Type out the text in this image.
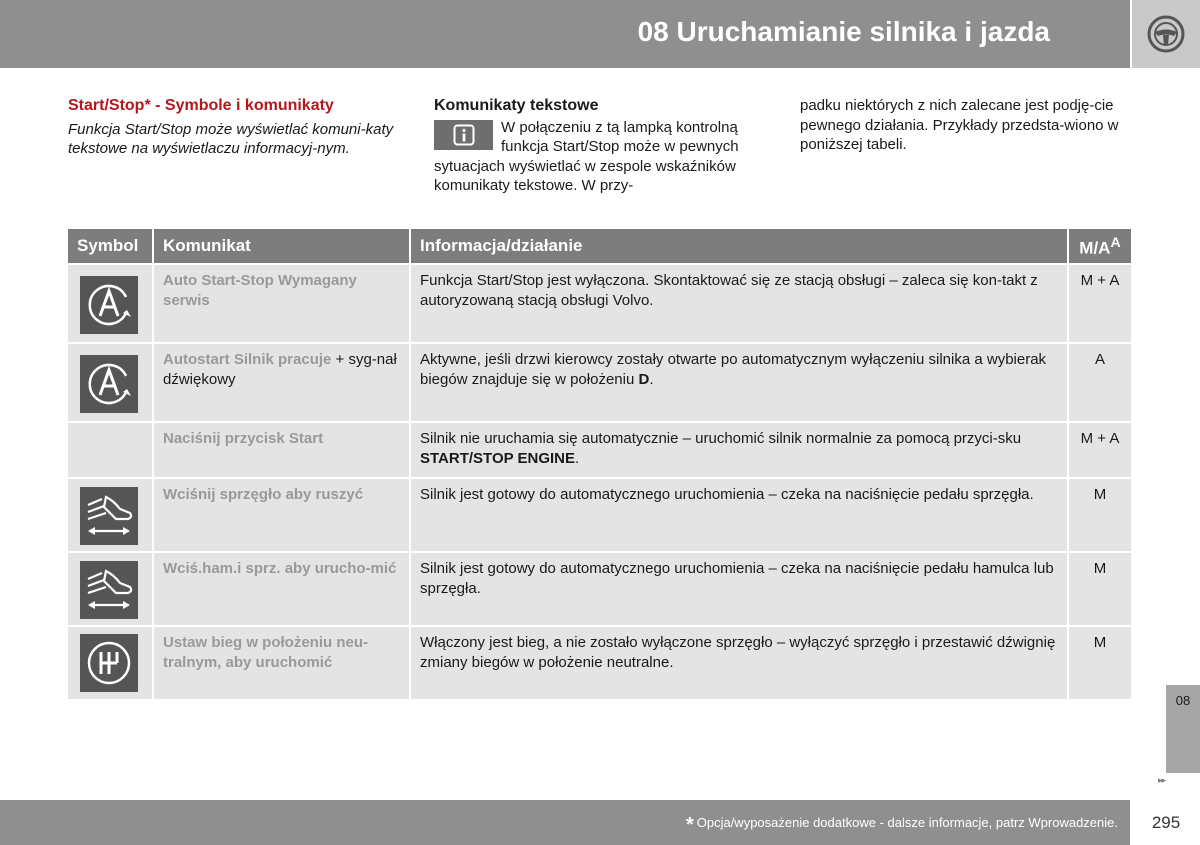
08 Uruchamianie silnika i jazda
Start/Stop* - Symbole i komunikaty
Funkcja Start/Stop może wyświetlać komuni-katy tekstowe na wyświetlaczu informacyj-nym.
Komunikaty tekstowe
W połączeniu z tą lampką kontrolną funkcja Start/Stop może w pewnych sytuacjach wyświetlać w zespole wskaźników komunikaty tekstowe. W przy-
padku niektórych z nich zalecane jest podję-cie pewnego działania. Przykłady przedsta-wiono w poniższej tabeli.
Symbol	Komunikat	Informacja/działanie	$M/A^A$

	Auto Start-Stop Wymagany serwis	Funkcja Start/Stop jest wyłączona. Skontaktować się ze stacją obsługi – zaleca się kon-takt z autoryzowaną stacją obsługi Volvo.	M + A

	Autostart Silnik pracuje + syg-nał dźwiękowy	Aktywne, jeśli drzwi kierowcy zostały otwarte po automatycznym wyłączeniu silnika a wybierak biegów znajduje się w położeniu D.	A
	Naciśnij przycisk Start	Silnik nie uruchamia się automatycznie – uruchomić silnik normalnie za pomocą przyci-sku START/STOP ENGINE.	M + A

	Wciśnij sprzęgło aby ruszyć	Silnik jest gotowy do automatycznego uruchomienia – czeka na naciśnięcie pedału sprzęgła.	M

	Wciś.ham.i sprz. aby urucho-mić	Silnik jest gotowy do automatycznego uruchomienia – czeka na naciśnięcie pedału hamulca lub sprzęgła.	M

	Ustaw bieg w położeniu neu-tralnym, aby uruchomić	Włączony jest bieg, a nie zostało wyłączone sprzęgło – wyłączyć sprzęgło i przestawić dźwignię zmiany biegów w położenie neutralne.	M
08
▸▸
* Opcja/wyposażenie dodatkowe - dalsze informacje, patrz Wprowadzenie.	295
